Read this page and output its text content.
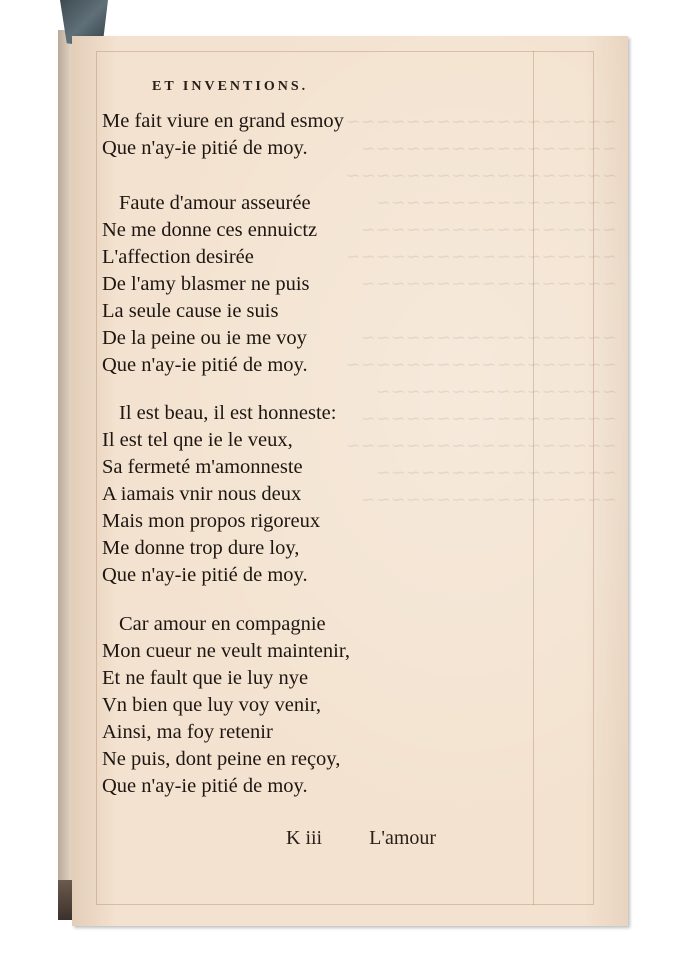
~~~~~~~~~~~~~~~~~~
~~~~~~~~~~~~~~~~~
~~~~~~~~~~~~~~~~~~
~~~~~~~~~~~~~~~~
~~~~~~~~~~~~~~~~~
~~~~~~~~~~~~~~~~~~
~~~~~~~~~~~~~~~~~

~~~~~~~~~~~~~~~~~
~~~~~~~~~~~~~~~~~~
~~~~~~~~~~~~~~~~
~~~~~~~~~~~~~~~~~
~~~~~~~~~~~~~~~~~~
~~~~~~~~~~~~~~~~
~~~~~~~~~~~~~~~~~
ET INVENTIONS.
Me fait viure en grand esmoy
Que n'ay-ie pitié de moy.
Faute d'amour asseurée
Ne me donne ces ennuictz
L'affection desirée
De l'amy blasmer ne puis
La seule cause ie suis
De la peine ou ie me voy
Que n'ay-ie pitié de moy.
Il est beau, il est honneste:
Il est tel qne ie le veux,
Sa fermeté m'amonneste
A iamais vnir nous deux
Mais mon propos rigoreux
Me donne trop dure loy,
Que n'ay-ie pitié de moy.
Car amour en compagnie
Mon cueur ne veult maintenir,
Et ne fault que ie luy nye
Vn bien que luy voy venir,
Ainsi, ma foy retenir
Ne puis, dont peine en reçoy,
Que n'ay-ie pitié de moy.
K iii L'amour
